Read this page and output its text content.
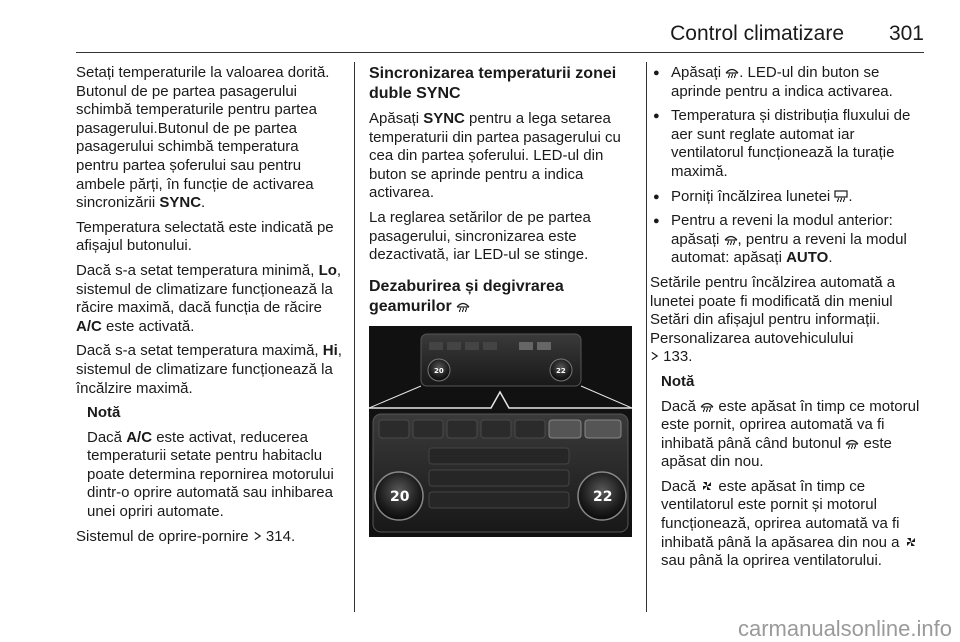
Control climatizare 301

Setați temperaturile la valoarea dorită. Butonul de pe partea pasagerului schimbă temperaturile pentru partea pasagerului.Butonul de pe partea pasagerului schimbă temperatura pentru partea șoferului sau pentru ambele părți, în funcție de activarea sincronizării SYNC.

Temperatura selectată este indicată pe afișajul butonului.

Dacă s-a setat temperatura minimă, Lo, sistemul de climatizare funcționează la răcire maximă, dacă funcția de răcire A/C este activată.

Dacă s-a setat temperatura maximă, Hi, sistemul de climatizare funcționează la încălzire maximă.

Notă

Dacă A/C este activat, reducerea temperaturii setate pentru habitaclu poate determina repornirea motorului dintr-o oprire automată sau inhibarea unei opriri automate.

Sistemul de oprire-pornire  314.

Sincronizarea temperaturii zonei duble SYNC

Apăsați SYNC pentru a lega setarea temperaturii din partea pasagerului cu cea din partea șoferului. LED-ul din buton se aprinde pentru a indica activarea.

La reglarea setărilor de pe partea pasagerului, sincronizarea este dezactivată, iar LED-ul se stinge.

Dezaburirea și degivrarea geamurilor

20	22
20	22
● Apăsați . LED-ul din buton se aprinde pentru a indica activarea.
● Temperatura și distribuția fluxului de aer sunt reglate automat iar ventilatorul funcționează la turație maximă.
● Porniți încălzirea lunetei .
● Pentru a reveni la modul anterior: apăsați , pentru a reveni la modul automat: apăsați AUTO.

Setările pentru încălzirea automată a lunetei poate fi modificată din meniul Setări din afișajul pentru informații. Personalizarea autovehiculului
133.

Notă

Dacă  este apăsat în timp ce motorul este pornit, oprirea automată va fi inhibată până când butonul  este apăsat din nou.

Dacă  este apăsat în timp ce ventilatorul este pornit și motorul funcționează, oprirea automată va fi inhibată până la apăsarea din nou a  sau până la oprirea ventilatorului.

carmanualsonline.info
